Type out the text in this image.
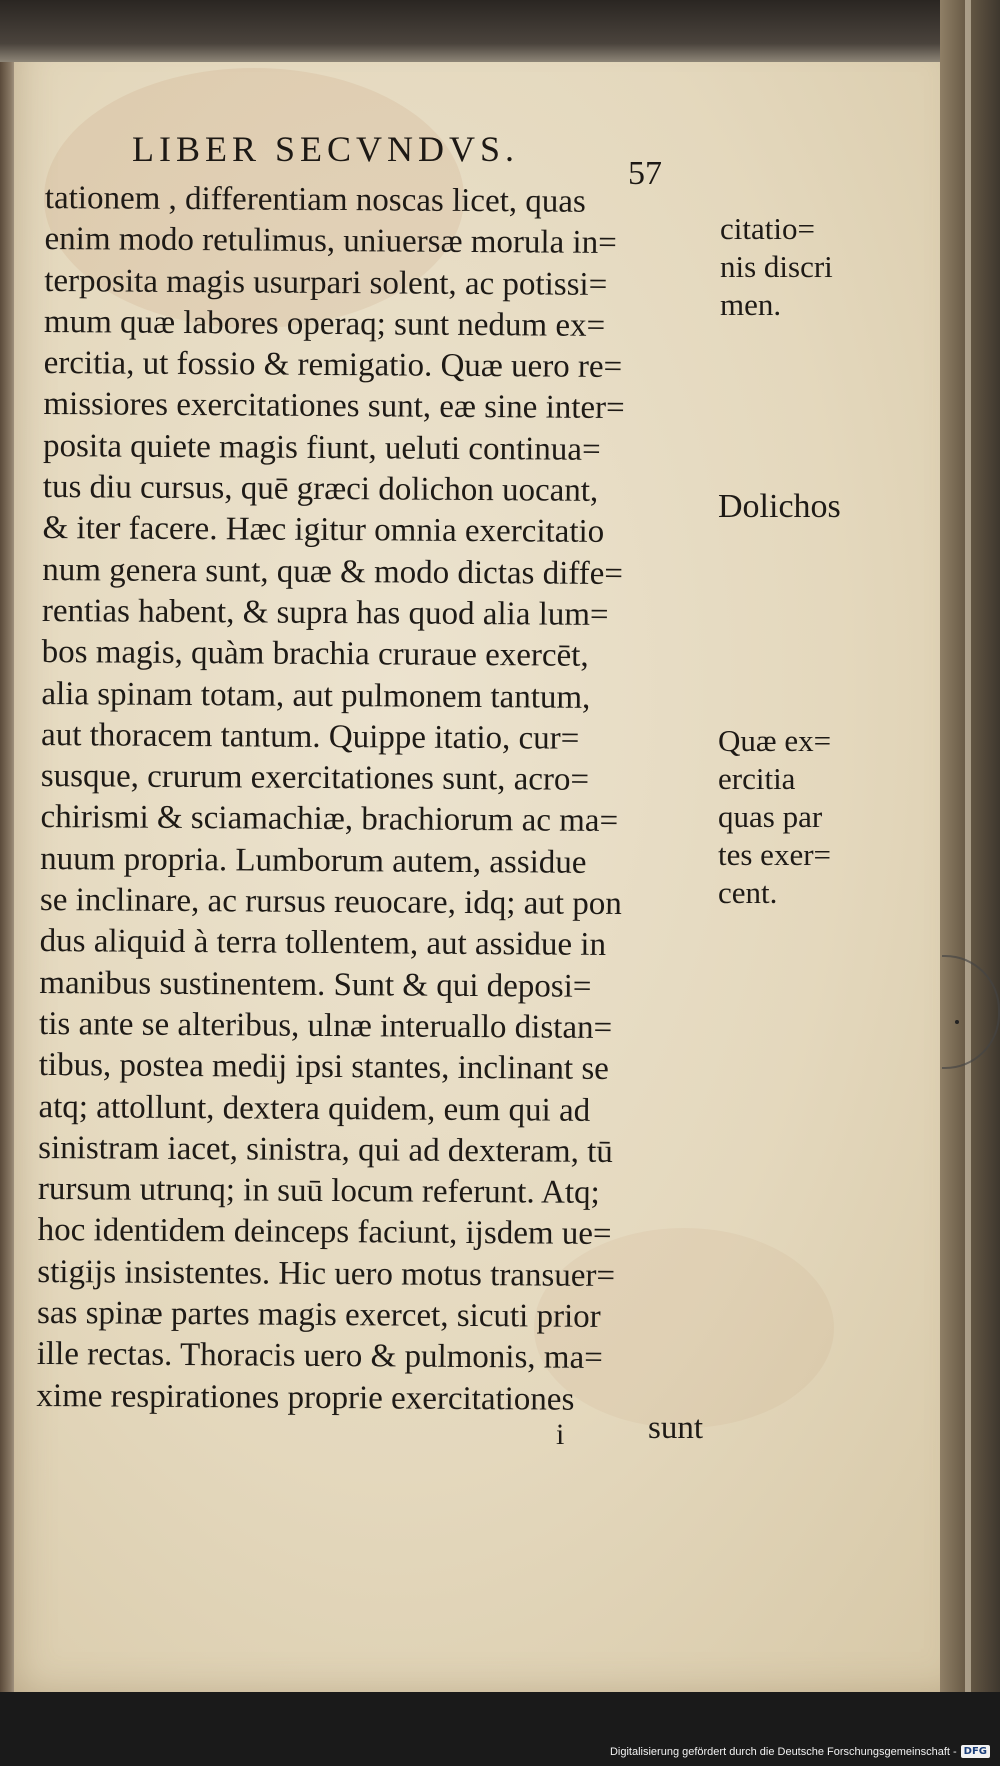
LIBER SECVNDVS.
57
tationem , differentiam noscas licet, quas
enim modo retulimus, uniuersæ morula in=
terposita magis usurpari solent, ac potissi=
mum quæ labores operaq; sunt nedum ex=
ercitia, ut fossio & remigatio. Quæ uero re=
missiores exercitationes sunt, eæ sine inter=
posita quiete magis fiunt, ueluti continua=
tus diu cursus, quē græci dolichon uocant,
& iter facere. Hæc igitur omnia exercitatio
num genera sunt, quæ & modo dictas diffe=
rentias habent, & supra has quod alia lum=
bos magis, quàm brachia cruraue exercēt,
alia spinam totam, aut pulmonem tantum,
aut thoracem tantum. Quippe itatio, cur=
susque, crurum exercitationes sunt, acro=
chirismi & sciamachiæ, brachiorum ac ma=
nuum propria. Lumborum autem, assidue
se inclinare, ac rursus reuocare, idq; aut pon
dus aliquid à terra tollentem, aut assidue in
manibus sustinentem. Sunt & qui deposi=
tis ante se alteribus, ulnæ interuallo distan=
tibus, postea medij ipsi stantes, inclinant se
atq; attollunt, dextera quidem, eum qui ad
sinistram iacet, sinistra, qui ad dexteram, tū
rursum utrunq; in suū locum referunt. Atq;
hoc identidem deinceps faciunt, ijsdem ue=
stigijs insistentes. Hic uero motus transuer=
sas spinæ partes magis exercet, sicuti prior
ille rectas. Thoracis uero & pulmonis, ma=
xime respirationes proprie exercitationes
citatio=
nis discri
men.
Dolichos
Quæ ex=
ercitia
quas par
tes exer=
cent.
i	sunt
Digitalisierung gefördert durch die Deutsche Forschungsgemeinschaft - DFG
